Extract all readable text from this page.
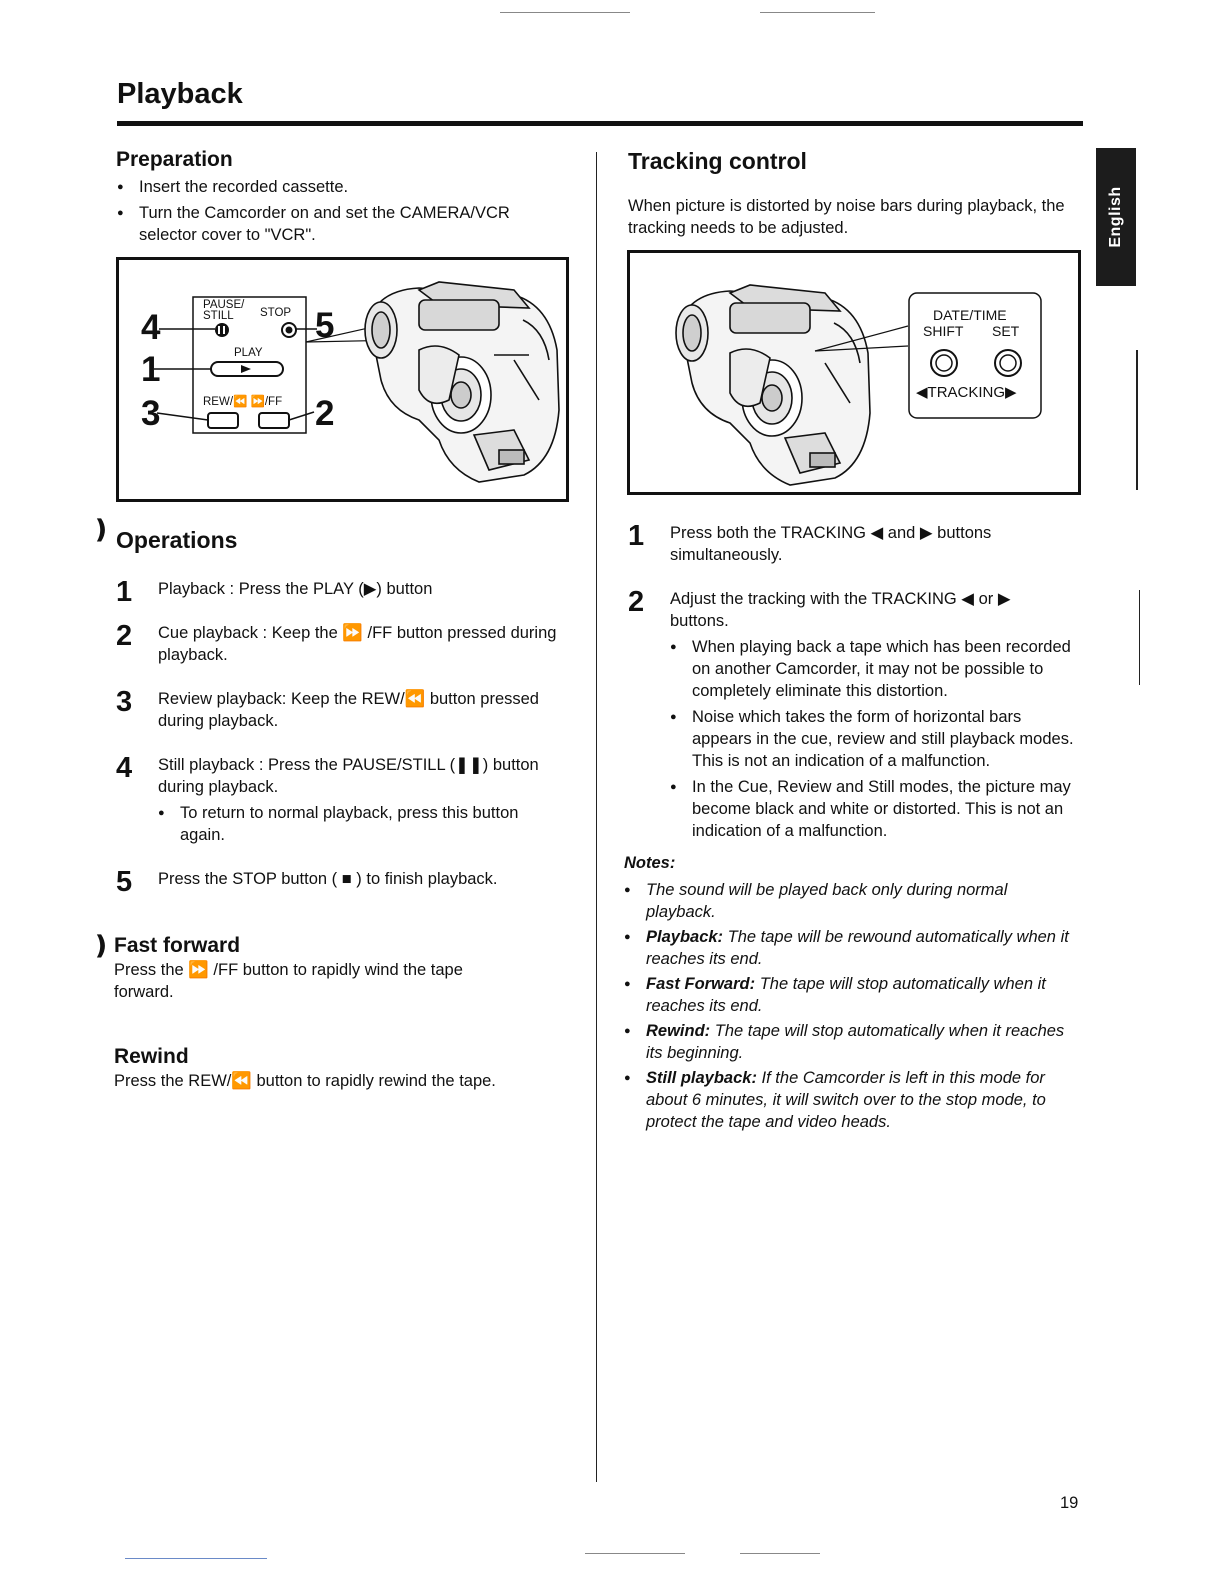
Playback
English
Preparation
● Insert the recorded cassette.
● Turn the Camcorder on and set the CAMERA/VCR selector cover to "VCR".
PAUSE/ STILL	STOP
PLAY
REW/⏪ ⏩/FF
4
1
3
5
2
❫ Operations
1 Playback : Press the PLAY (▶) button
2 Cue playback : Keep the ⏩ /FF button pressed during playback.
3 Review playback: Keep the REW/⏪ button pressed during playback.
4 Still playback : Press the PAUSE/STILL (❚❚) button during playback.
● To return to normal playback, press this button again.
5 Press the STOP button ( ■ ) to finish playback.
❫ Fast forward
Press the ⏩ /FF button to rapidly wind the tape forward.
Rewind
Press the REW/⏪ button to rapidly rewind the tape.
Tracking control
When picture is distorted by noise bars during playback, the tracking needs to be adjusted.
DATE/TIME
SHIFT SET
◀TRACKING▶
1 Press both the TRACKING ◀ and ▶ buttons simultaneously.
2 Adjust the tracking with the TRACKING ◀ or ▶ buttons.
● When playing back a tape which has been recorded on another Camcorder, it may not be possible to completely eliminate this distortion.
● Noise which takes the form of horizontal bars appears in the cue, review and still playback modes. This is not an indication of a malfunction.
● In the Cue, Review and Still modes, the picture may become black and white or distorted. This is not an indication of a malfunction.
Notes:
● The sound will be played back only during normal playback.
● Playback: The tape will be rewound automatically when it reaches its end.
● Fast Forward: The tape will stop automatically when it reaches its end.
● Rewind: The tape will stop automatically when it reaches its beginning.
● Still playback: If the Camcorder is left in this mode for about 6 minutes, it will switch over to the stop mode, to protect the tape and video heads.
19
